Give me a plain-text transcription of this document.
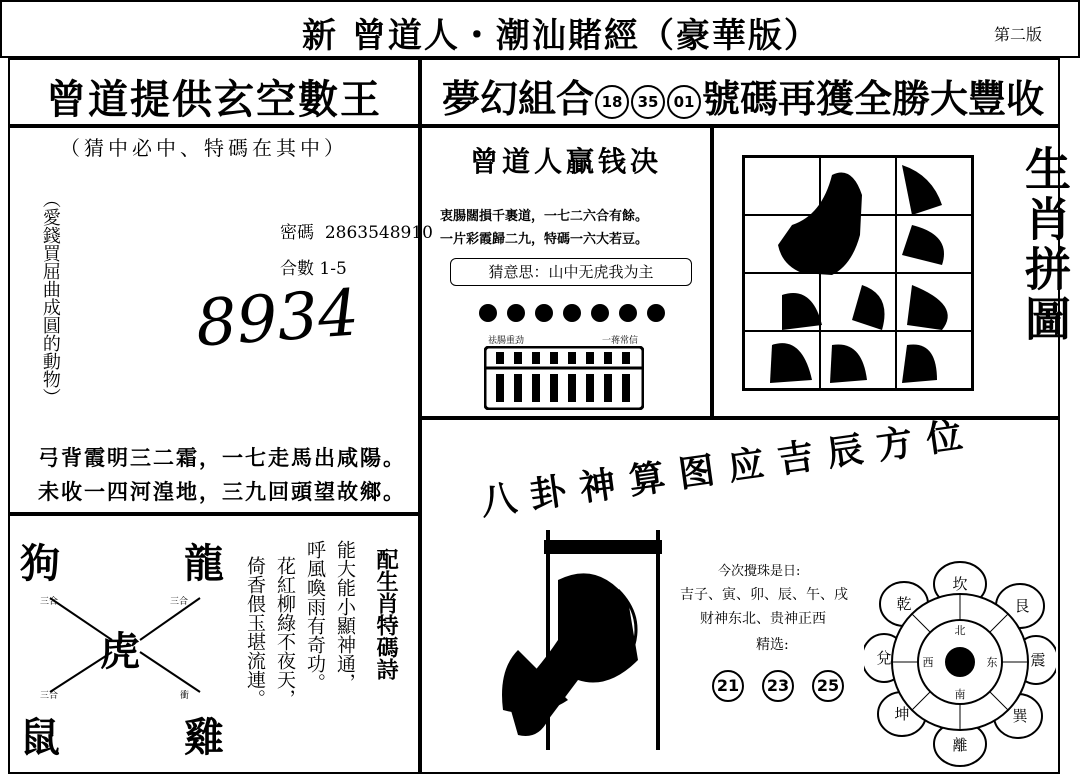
新 曾道人・潮汕賭經（豪華版）	第二版
曾道提供玄空數王 夢幻組合 18 35 01 號碼再獲全勝大豐收
（猜中必中、特碼在其中）
（愛錢買屈曲成圓的動物）	密碼 2863548910
合數 1-5
8934
弓背霞明三二霜，一七走馬出咸陽。
未收一四河湟地，三九回頭望故鄉。
曾道人贏钱决
衷腸闊損千裹道，一七二六合有餘。
一片彩霞歸二九，特碼一六大若豆。
猜意思：山中无虎我为主
祛腸重劲	一蒋常信	生肖拼圖
八卦神算图应吉辰方位
今次攪珠是日:
吉子、寅、卯、辰、午、戌
财神东北、贵神正西
精选:
21 23 25
坎
艮
震
巽
離
坤
兌
乾
北
东
南
西
狗	龍
虎
鼠	雞
三合	三合
三合	衝	倚香偎玉堪流連。 花紅柳綠不夜天， 呼風喚雨有奇功。 能大能小顯神通， 配生肖特碼詩
